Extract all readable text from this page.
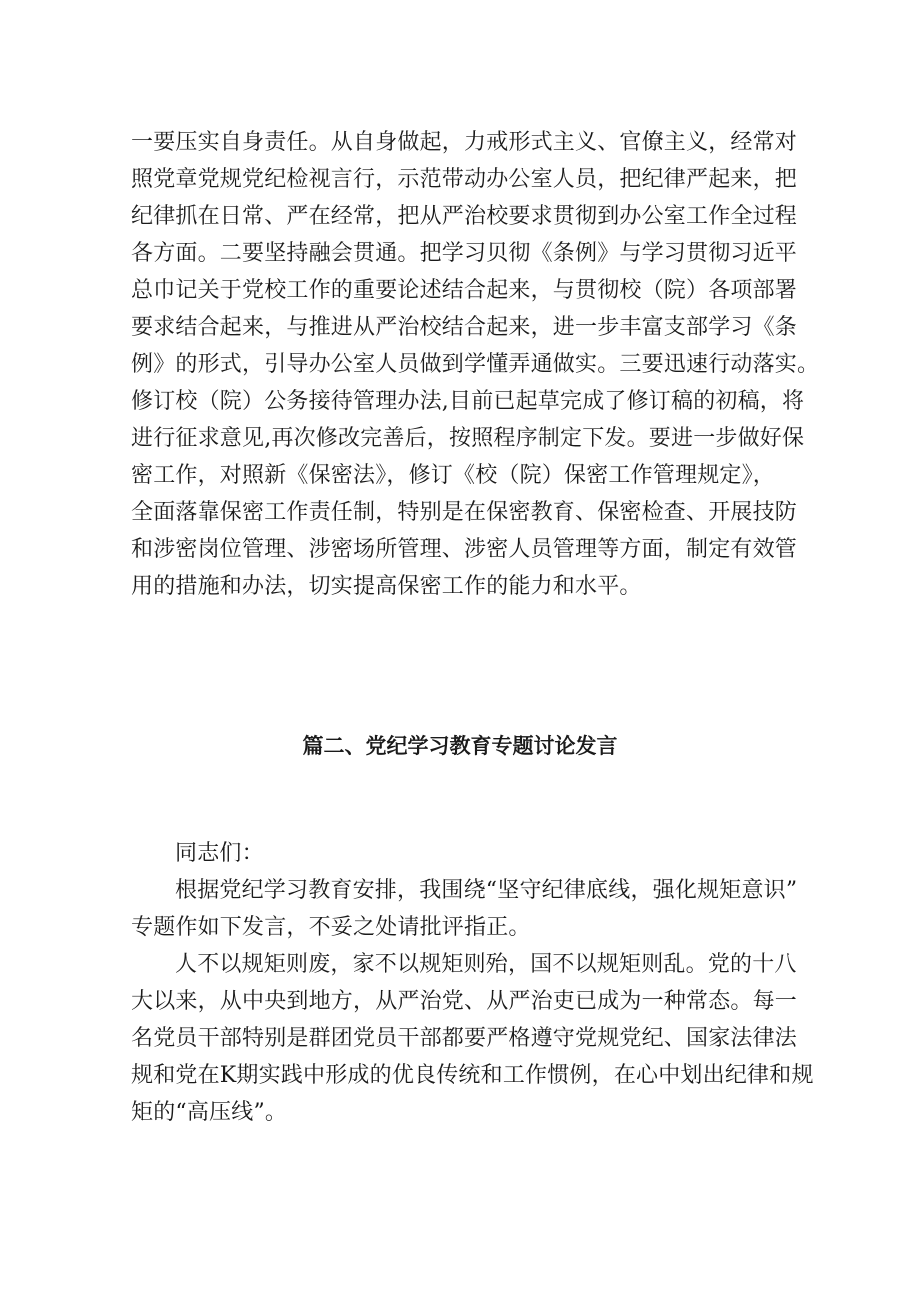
一要压实自身责任。从自身做起，力戒形式主义、官僚主义，经常对
照党章党规党纪检视言行，示范带动办公室人员，把纪律严起来，把
纪律抓在日常、严在经常，把从严治校要求贯彻到办公室工作全过程
各方面。二要坚持融会贯通。把学习贝彻《条例》与学习贯彻习近平
总巾记关于党校工作的重要论述结合起来，与贯彻校（院）各项部署
要求结合起来，与推进从严治校结合起来，进一步丰富支部学习《条
例》的形式，引导办公室人员做到学懂弄通做实。三要迅速行动落实。
修订校（院）公务接待管理办法,目前已起草完成了修订稿的初稿，将
进行征求意见,再次修改完善后，按照程序制定下发。要进一步做好保
密工作，对照新《保密法》，修订《校（院）保密工作管理规定》，
全面落靠保密工作责任制，特别是在保密教育、保密检查、开展技防
和涉密岗位管理、涉密场所管理、涉密人员管理等方面，制定有效管
用的措施和办法，切实提高保密工作的能力和水平。
篇二、党纪学习教育专题讨论发言
同志们：
根据党纪学习教育安排，我围绕“坚守纪律底线，强化规矩意识”
专题作如下发言，不妥之处请批评指正。
人不以规矩则废，家不以规矩则殆，国不以规矩则乱。党的十八
大以来，从中央到地方，从严治党、从严治吏已成为一种常态。每一
名党员干部特别是群团党员干部都要严格遵守党规党纪、国家法律法
规和党在K期实践中形成的优良传统和工作惯例，在心中划出纪律和规
矩的“高压线”。
